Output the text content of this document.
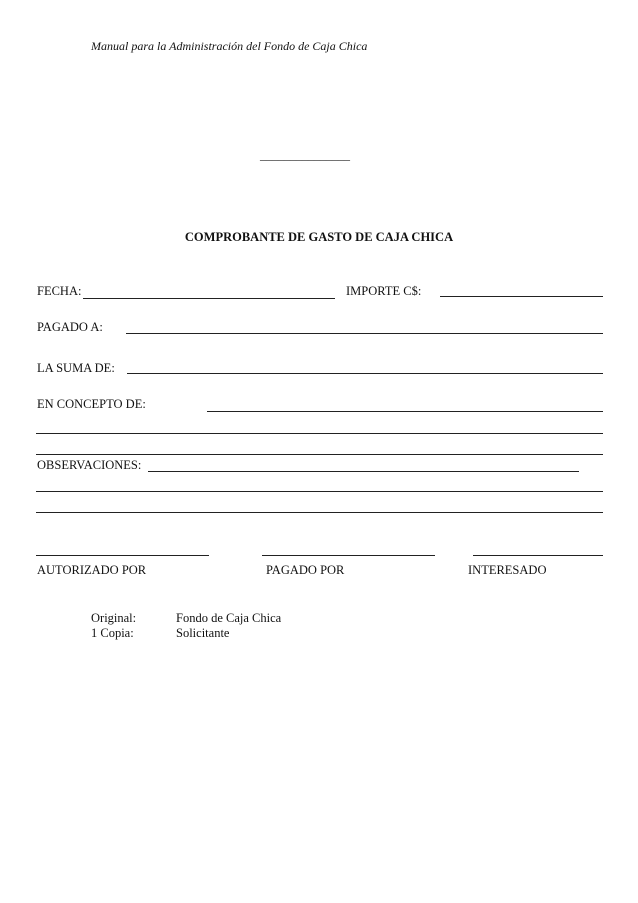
Manual para la Administración del Fondo de Caja Chica
_______________
COMPROBANTE DE GASTO DE CAJA CHICA
FECHA:	IMPORTE C$:
PAGADO A:
LA SUMA DE:
EN CONCEPTO DE:
OBSERVACIONES:
AUTORIZADO POR	PAGADO POR	INTERESADO
Original:	Fondo de Caja Chica
1 Copia:	Solicitante
